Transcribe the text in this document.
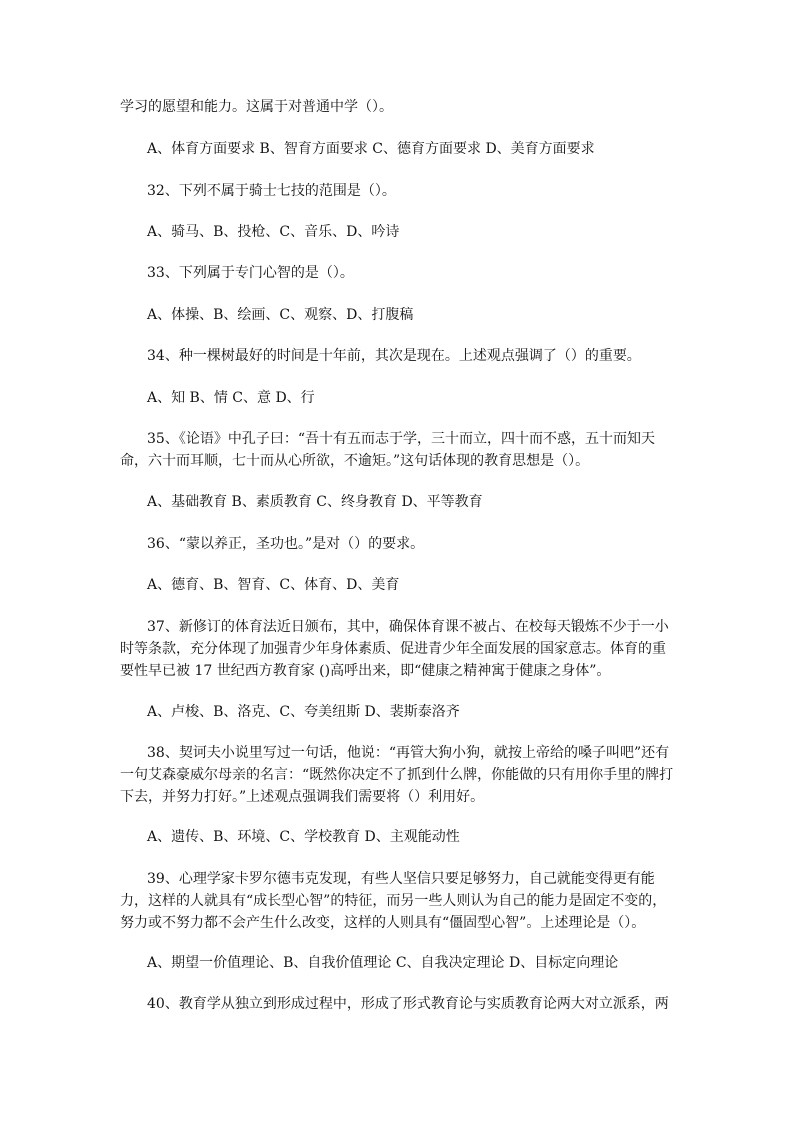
学习的愿望和能力。这属于对普通中学（）。

A、体育方面要求 B、智育方面要求 C、德育方面要求 D、美育方面要求

32、下列不属于骑士七技的范围是（）。

A、骑马、B、投枪、C、音乐、D、吟诗

33、下列属于专门心智的是（）。

A、体操、B、绘画、C、观察、D、打腹稿

34、种一棵树最好的时间是十年前，其次是现在。上述观点强调了（）的重要。

A、知 B、情 C、意 D、行

35、《论语》中孔子曰：“吾十有五而志于学，三十而立，四十而不惑，五十而知天命，六十而耳顺，七十而从心所欲，不逾矩。”这句话体现的教育思想是（）。

A、基础教育 B、素质教育 C、终身教育 D、平等教育

36、“蒙以养正，圣功也。”是对（）的要求。

A、德育、B、智育、C、体育、D、美育

37、新修订的体育法近日颁布，其中，确保体育课不被占、在校每天锻炼不少于一小时等条款，充分体现了加强青少年身体素质、促进青少年全面发展的国家意志。体育的重要性早已被 17 世纪西方教育家 ()高呼出来，即“健康之精神寓于健康之身体”。

A、卢梭、B、洛克、C、夸美纽斯 D、裴斯泰洛齐

38、契诃夫小说里写过一句话，他说：“再管大狗小狗，就按上帝给的嗓子叫吧”还有一句艾森豪威尔母亲的名言：“既然你决定不了抓到什么牌，你能做的只有用你手里的牌打下去，并努力打好。”上述观点强调我们需要将（）利用好。

A、遗传、B、环境、C、学校教育 D、主观能动性

39、心理学家卡罗尔德韦克发现，有些人坚信只要足够努力，自己就能变得更有能力，这样的人就具有“成长型心智”的特征，而另一些人则认为自己的能力是固定不变的，努力或不努力都不会产生什么改变，这样的人则具有“僵固型心智”。上述理论是（）。

A、期望一价值理论、B、自我价值理论 C、自我决定理论 D、目标定向理论

40、教育学从独立到形成过程中，形成了形式教育论与实质教育论两大对立派系，两
